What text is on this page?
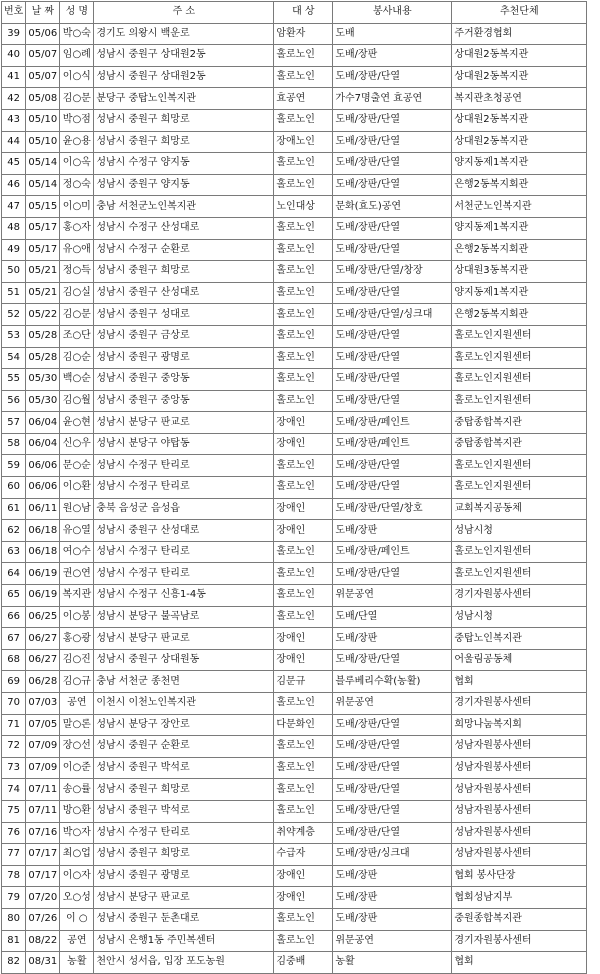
번호	날 짜	성 명	주 소	대 상	봉사내용	추천단체
39	05/06	박○숙	경기도 의왕시 백운로	암환자	도배	주거환경협회
40	05/07	임○례	성남시 중원구 상대원2동	홀로노인	도배/장판	상대원2동복지관
41	05/07	이○식	성남시 중원구 상대원2동	홀로노인	도배/장판/단열	상대원2동복지관
42	05/08	김○문	분당구 중탑노인복지관	효공연	가수7명출연 효공연	복지관초청공연
43	05/10	박○점	성남시 중원구 희망로	홀로노인	도배/장판/단열	상대원2동복지관
44	05/10	윤○용	성남시 중원구 희망로	장애노인	도배/장판/단열	상대원2동복지관
45	05/14	이○옥	성남시 수정구 양지동	홀로노인	도배/장판/단열	양지동제1복지관
46	05/14	정○숙	성남시 중원구 양지동	홀로노인	도배/장판/단열	은행2동복지회관
47	05/15	이○미	충남 서천군노인복지관	노인대상	문화(효도)공연	서천군노인복지관
48	05/17	홍○자	성남시 수정구 산성대로	홀로노인	도배/장판/단열	양지동제1복지관
49	05/17	유○애	성남시 수정구 순환로	홀로노인	도배/장판/단열	은행2동복지회관
50	05/21	정○득	성남시 중원구 희망로	홀로노인	도배/장판/단열/창장	상대원3동복지관
51	05/21	김○실	성남시 중원구 산성대로	홀로노인	도배/장판/단열	양지동제1복지관
52	05/22	김○문	성남시 중원구 성대로	홀로노인	도배/장판/단열/싱크대	은행2동복지회관
53	05/28	조○단	성남시 중원구 금상로	홀로노인	도배/장판/단열	홀로노인지원센터
54	05/28	김○순	성남시 중원구 광명로	홀로노인	도배/장판/단열	홀로노인지원센터
55	05/30	백○순	성남시 중원구 중앙동	홀로노인	도배/장판/단열	홀로노인지원센터
56	05/30	김○월	성남시 중원구 중앙동	홀로노인	도배/장판/단열	홀로노인지원센터
57	06/04	윤○현	성남시 분당구 판교로	장애인	도배/장판/페인트	중탑종합복지관
58	06/04	신○우	성남시 분당구 야탑동	장애인	도배/장판/페인트	중탑종합복지관
59	06/06	문○순	성남시 수정구 탄리로	홀로노인	도배/장판/단열	홀로노인지원센터
60	06/06	이○환	성남시 수정구 탄리로	홀로노인	도배/장판/단열	홀로노인지원센터
61	06/11	원○남	충북 음성군 음성읍	장애인	도배/장판/단열/창호	교회복지공동체
62	06/18	유○열	성남시 중원구 산성대로	장애인	도배/장판	성남시청
63	06/18	여○수	성남시 수정구 탄리로	홀로노인	도배/장판/페인트	홀로노인지원센터
64	06/19	권○연	성남시 수정구 탄리로	홀로노인	도배/장판/단열	홀로노인지원센터
65	06/19	복지관	성남시 수정구 신흥1-4동	홀로노인	위문공연	경기자원봉사센터
66	06/25	이○봉	성남시 분당구 불곡남로	홀로노인	도배/단열	성남시청
67	06/27	홍○광	성남시 분당구 판교로	장애인	도배/장판	중탑노인복지관
68	06/27	김○진	성남시 중원구 상대원동	장애인	도배/장판/단열	어울림공동체
69	06/28	김○규	충남 서천군 종천면	김문규	블루베리수확(농활)	협회
70	07/03	공연	이천시 이천노인복지관	홀로노인	위문공연	경기자원봉사센터
71	07/05	말○론	성남시 분당구 장안로	다문화인	도배/장판/단열	희망나눔복지회
72	07/09	장○선	성남시 중원구 순환로	홀로노인	도배/장판/단열	성남자원봉사센터
73	07/09	이○준	성남시 중원구 박석로	홀로노인	도배/장판/단열	성남자원봉사센터
74	07/11	송○률	성남시 중원구 희망로	홀로노인	도배/장판/단열	성남자원봉사센터
75	07/11	방○환	성남시 중원구 박석로	홀로노인	도배/장판/단열	성남자원봉사센터
76	07/16	박○자	성남시 수정구 탄리로	취약계층	도배/장판/단열	성남자원봉사센터
77	07/17	최○업	성남시 중원구 희망로	수급자	도배/장판/싱크대	성남자원봉사센터
78	07/17	이○자	성남시 중원구 광명로	장애인	도배/장판	협회 봉사단장
79	07/20	오○성	성남시 분당구 판교로	장애인	도배/장판	협회성남지부
80	07/26	이 ○	성남시 중원구 둔촌대로	홀로노인	도배/장판	중원종합복지관
81	08/22	공연	성남시 은행1동 주민복센터	홀로노인	위문공연	경기자원봉사센터
82	08/31	농활	천안시 성서읍, 입장 포도농원	김중배	농활	협회
